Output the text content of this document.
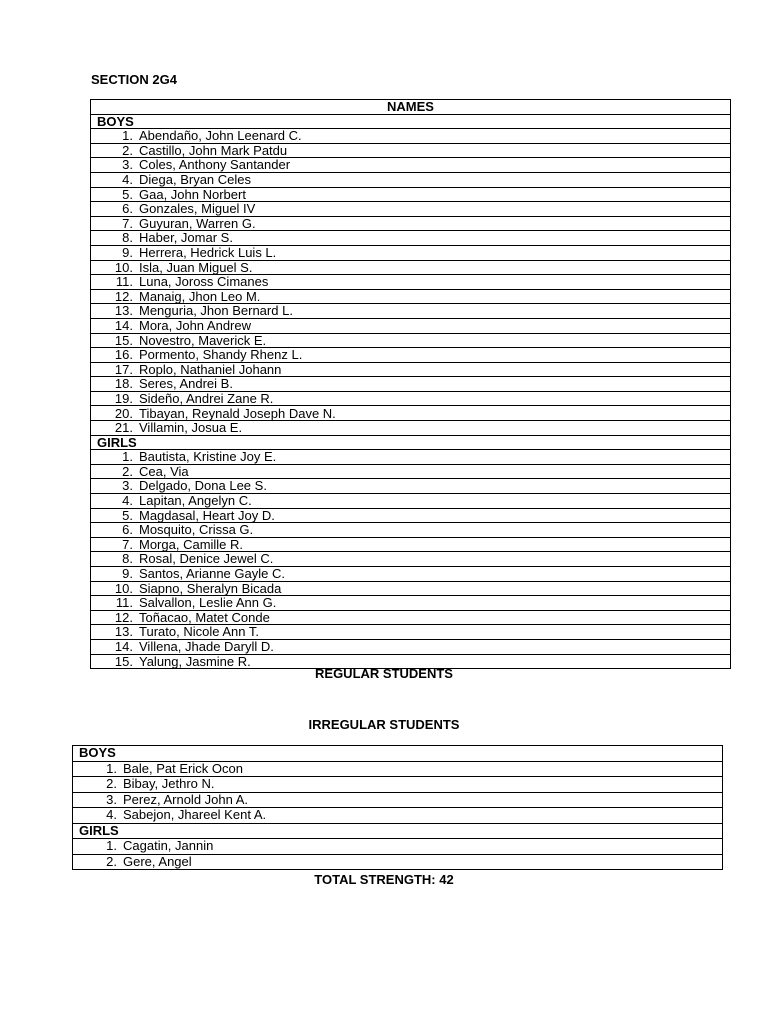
SECTION 2G4
NAMES
BOYS
1. Abendaño, John Leenard C.
2. Castillo, John Mark Patdu
3. Coles, Anthony Santander
4. Diega, Bryan Celes
5. Gaa, John Norbert
6. Gonzales, Miguel IV
7. Guyuran, Warren G.
8. Haber, Jomar S.
9. Herrera, Hedrick Luis L.
10. Isla, Juan Miguel S.
11. Luna, Joross Cimanes
12. Manaig, Jhon Leo M.
13. Menguria, Jhon Bernard L.
14. Mora, John Andrew
15. Novestro, Maverick E.
16. Pormento, Shandy Rhenz L.
17. Roplo, Nathaniel Johann
18. Seres, Andrei B.
19. Sideño, Andrei Zane R.
20. Tibayan, Reynald Joseph Dave N.
21. Villamin, Josua E.
GIRLS
1. Bautista, Kristine Joy E.
2. Cea, Via
3. Delgado, Dona Lee S.
4. Lapitan, Angelyn C.
5. Magdasal, Heart Joy D.
6. Mosquito, Crissa G.
7. Morga, Camille R.
8. Rosal, Denice Jewel C.
9. Santos, Arianne Gayle C.
10. Siapno, Sheralyn Bicada
11. Salvallon, Leslie Ann G.
12. Toñacao, Matet Conde
13. Turato, Nicole Ann T.
14. Villena, Jhade Daryll D.
15. Yalung, Jasmine R.
REGULAR STUDENTS
IRREGULAR STUDENTS
BOYS
1. Bale, Pat Erick Ocon
2. Bibay, Jethro N.
3. Perez, Arnold John A.
4. Sabejon, Jhareel Kent A.
GIRLS
1. Cagatin, Jannin
2. Gere, Angel
TOTAL STRENGTH: 42
